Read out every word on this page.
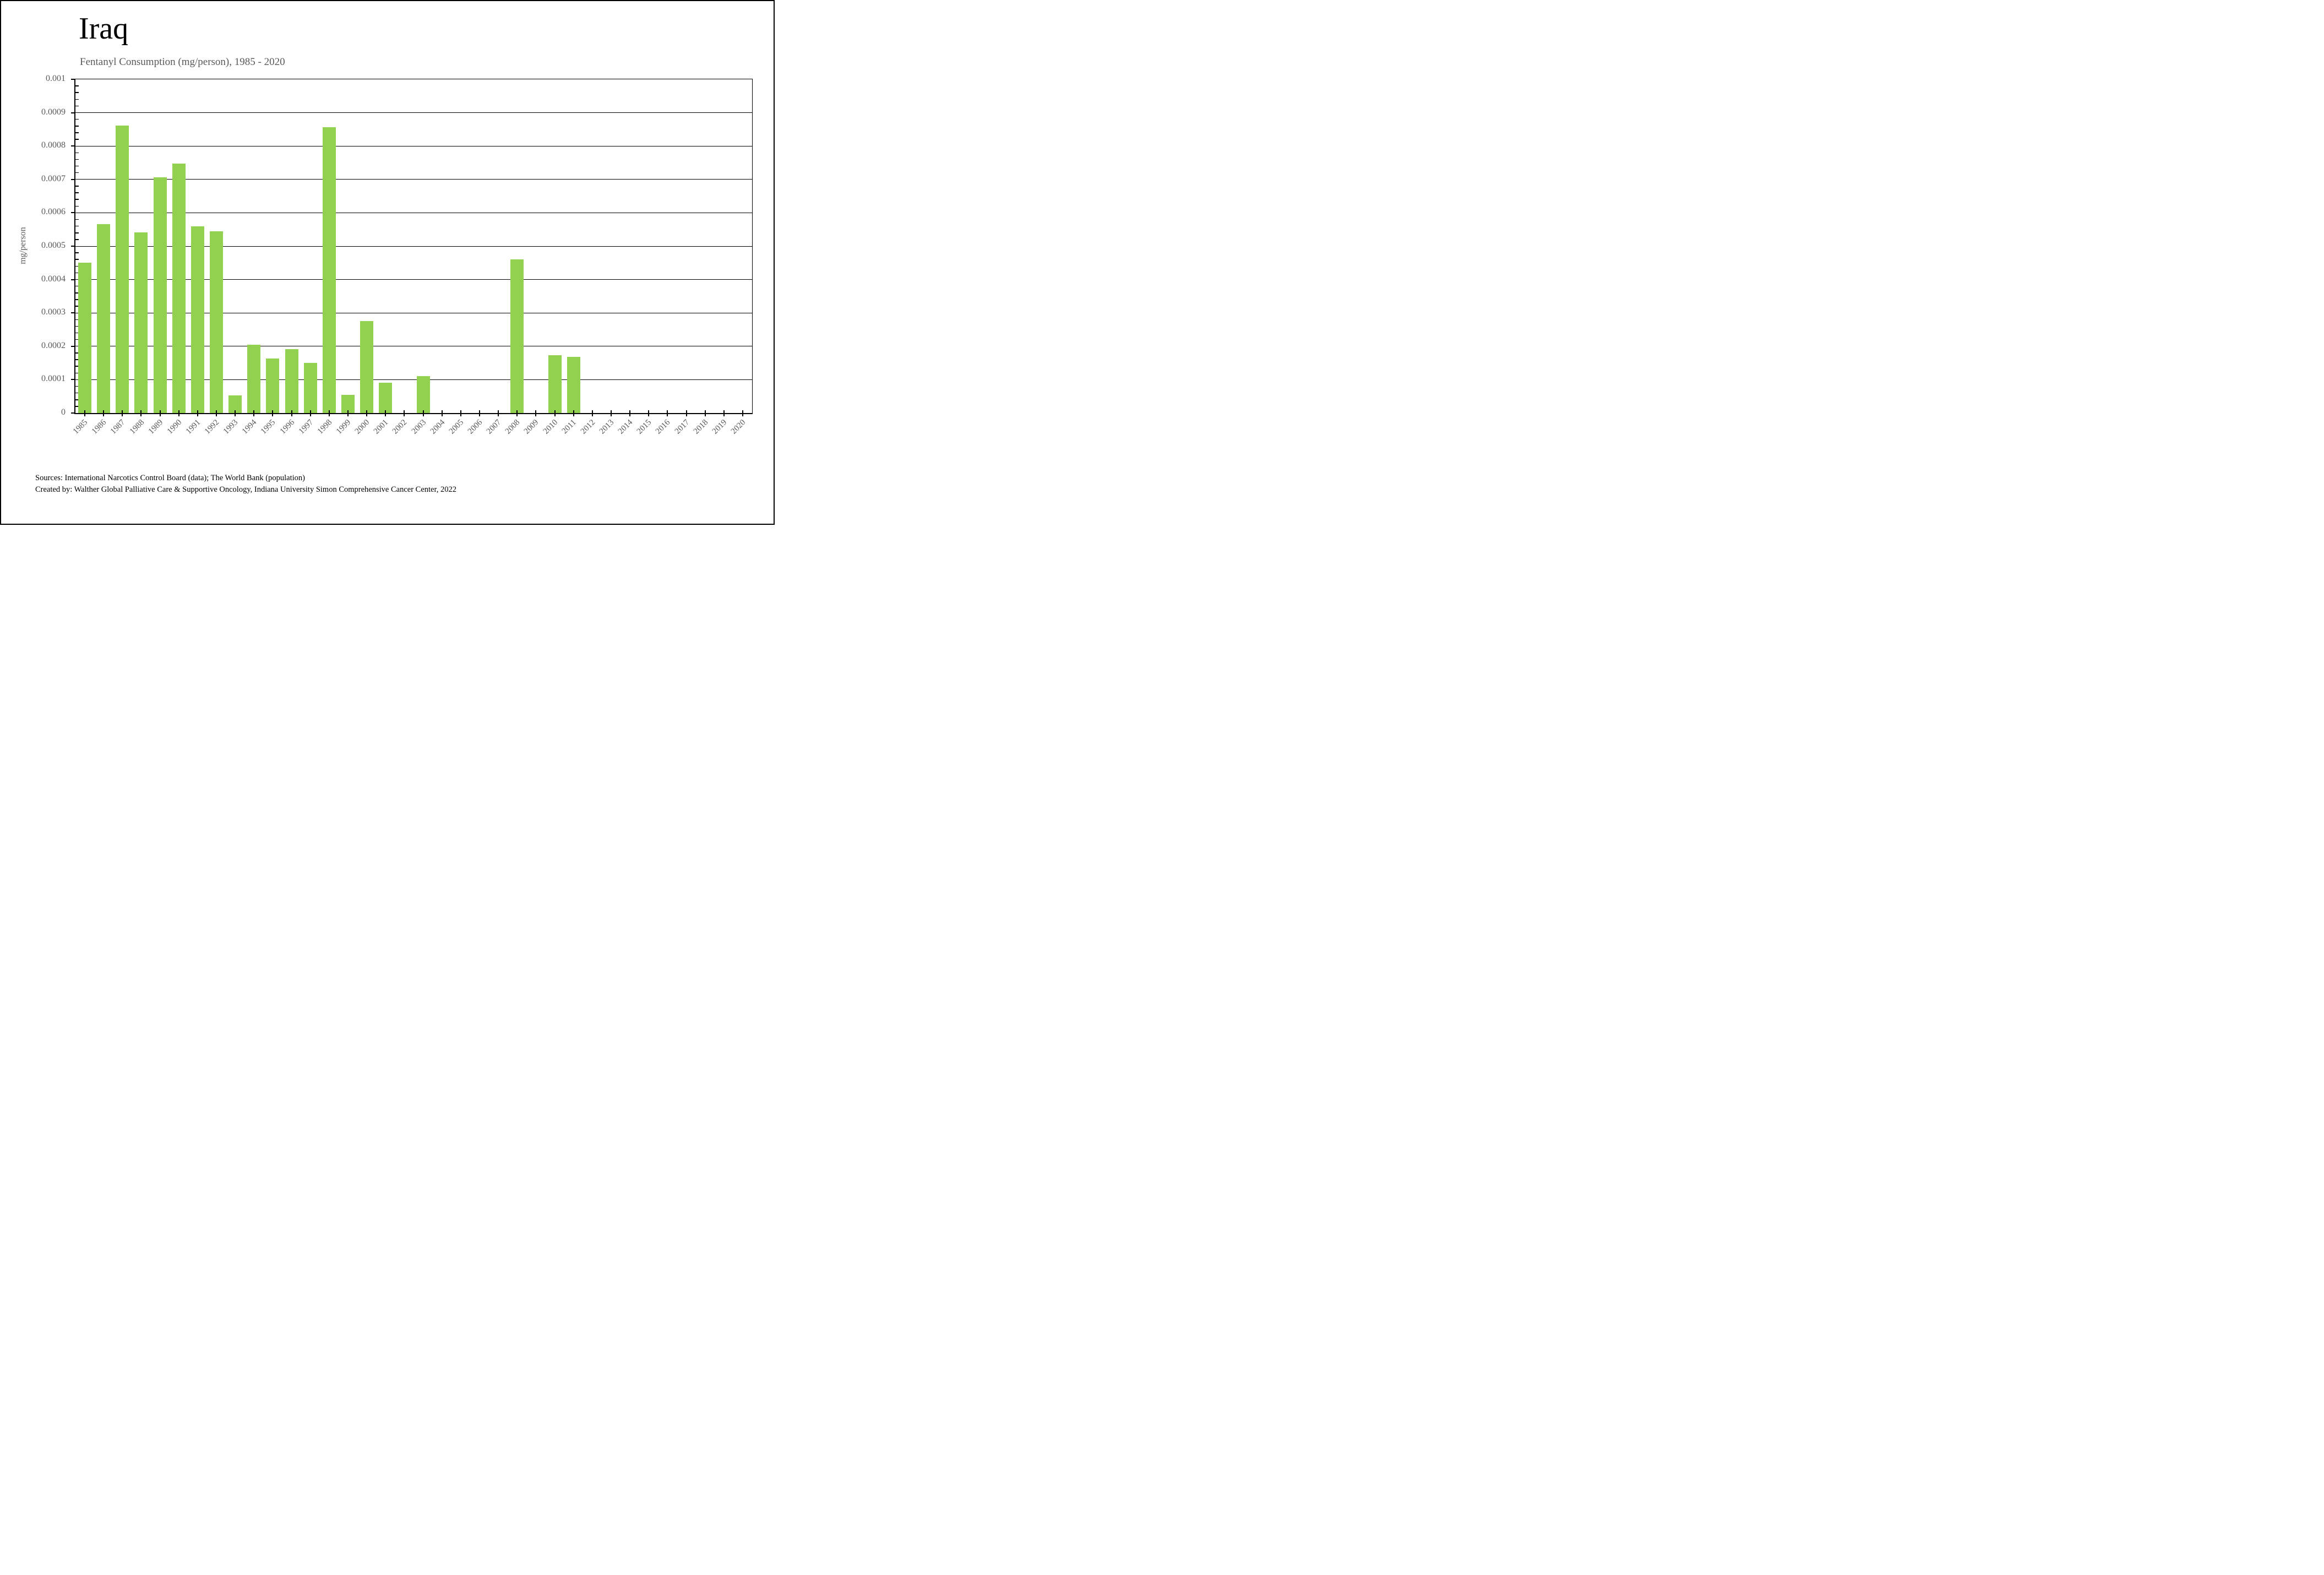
Iraq
Fentanyl Consumption (mg/person), 1985 - 2020
mg/person
0.001
0.0009
0.0008
0.0007
0.0006
0.0005
0.0004
0.0003
0.0002
0.0001
0
1985 1986 1987 1988 1989 1990 1991 1992 1993 1994 1995 1996 1997 1998 1999 2000 2001 2002 2003 2004 2005 2006 2007 2008 2009 2010 2011 2012 2013 2014 2015 2016 2017 2018 2019 2020
Sources: International Narcotics Control Board (data); The World Bank (population)
Created by: Walther Global Palliative Care & Supportive Oncology, Indiana University Simon Comprehensive Cancer Center, 2022
